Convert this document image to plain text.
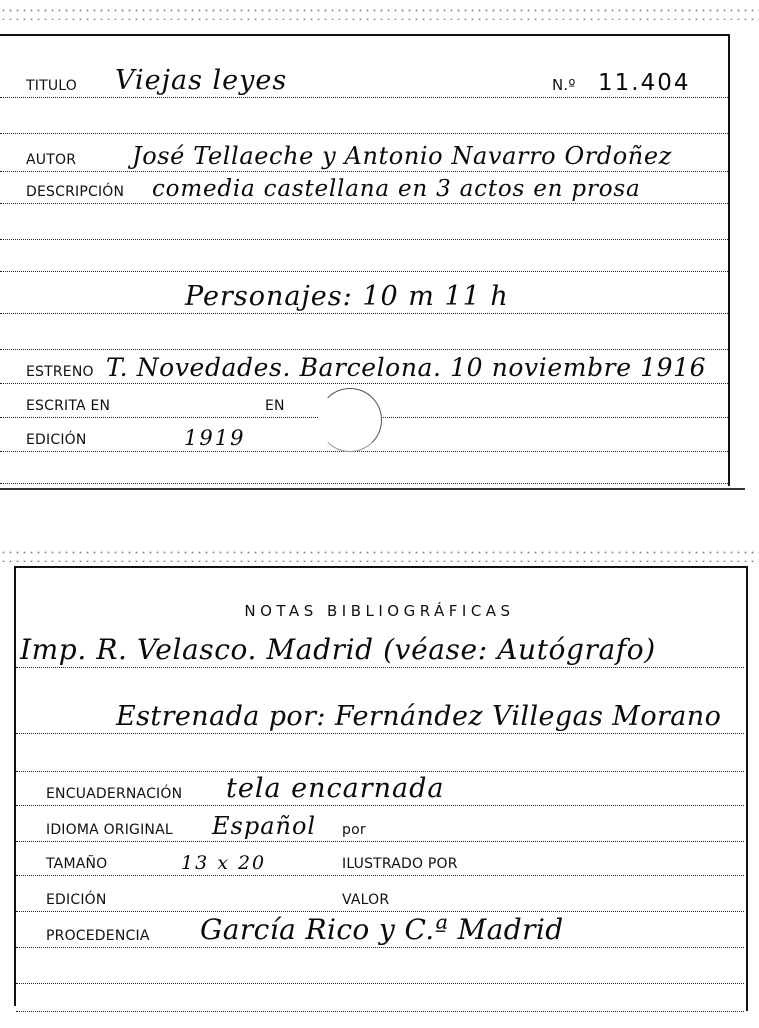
TITULO Viejas leyes	N.º 11.404
AUTOR José Tellaeche y Antonio Navarro Ordoñez
DESCRIPCIÓN comedia castellana en 3 actos en prosa
Personajes: 10 m 11 h
ESTRENO T. Novedades. Barcelona. 10 noviembre 1916
ESCRITA EN	EN
EDICIÓN	1919
NOTAS BIBLIOGRÁFICAS
Imp. R. Velasco. Madrid (véase: Autógrafo)
Estrenada por: Fernández Villegas Morano
ENCUADERNACIÓN tela encarnada
IDIOMA ORIGINAL Español por
TAMAÑO	13 x 20	ILUSTRADO POR
EDICIÓN	VALOR
PROCEDENCIA García Rico y C.ª Madrid
